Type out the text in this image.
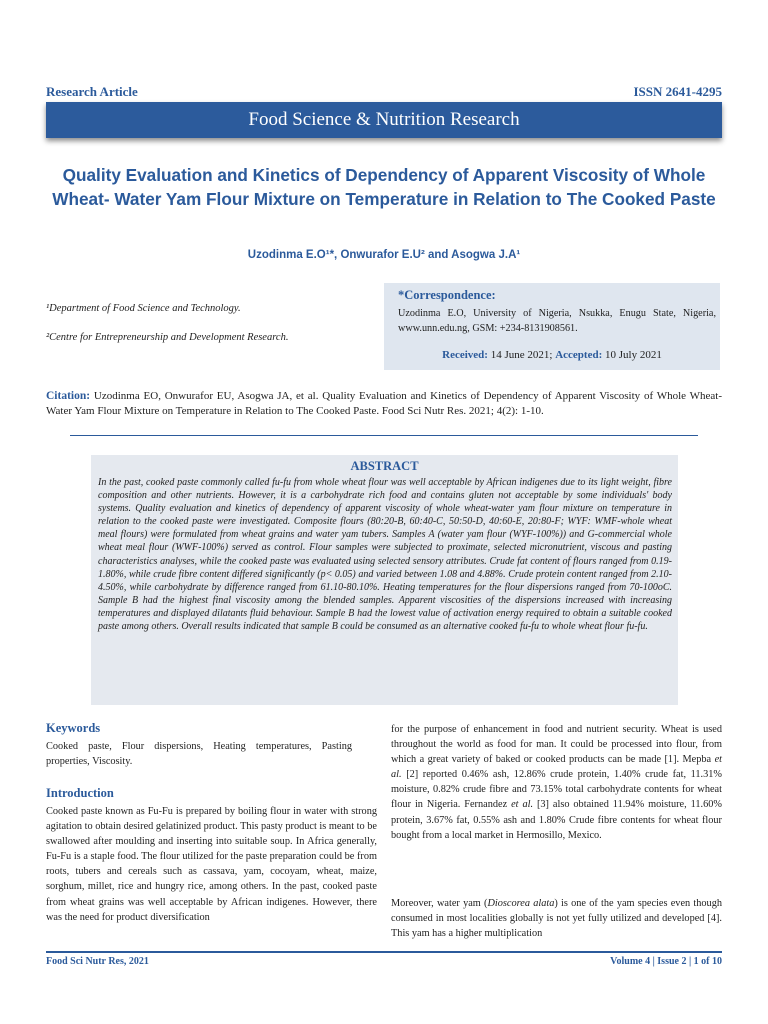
Research Article	ISSN 2641-4295
Food Science & Nutrition Research
Quality Evaluation and Kinetics of Dependency of Apparent Viscosity of Whole Wheat- Water Yam Flour Mixture on Temperature in Relation to The Cooked Paste
Uzodinma E.O¹*, Onwurafor E.U² and Asogwa J.A¹
¹Department of Food Science and Technology.
²Centre for Entrepreneurship and Development Research.
*Correspondence:
Uzodinma E.O, University of Nigeria, Nsukka, Enugu State, Nigeria, www.unn.edu.ng, GSM: +234-8131908561.
Received: 14 June 2021; Accepted: 10 July 2021
Citation: Uzodinma EO, Onwurafor EU, Asogwa JA, et al. Quality Evaluation and Kinetics of Dependency of Apparent Viscosity of Whole Wheat- Water Yam Flour Mixture on Temperature in Relation to The Cooked Paste. Food Sci Nutr Res. 2021; 4(2): 1-10.
ABSTRACT
In the past, cooked paste commonly called fu-fu from whole wheat flour was well acceptable by African indigenes due to its light weight, fibre composition and other nutrients. However, it is a carbohydrate rich food and contains gluten not acceptable by some individuals' body systems. Quality evaluation and kinetics of dependency of apparent viscosity of whole wheat-water yam flour mixture on temperature in relation to the cooked paste were investigated. Composite flours (80:20-B, 60:40-C, 50:50-D, 40:60-E, 20:80-F; WYF: WMF-whole wheat meal flours) were formulated from wheat grains and water yam tubers. Samples A (water yam flour (WYF-100%)) and G-commercial whole wheat meal flour (WWF-100%) served as control. Flour samples were subjected to proximate, selected micronutrient, viscous and pasting characteristics analyses, while the cooked paste was evaluated using selected sensory attributes. Crude fat content of flours ranged from 0.19-1.80%, while crude fibre content differed significantly (p< 0.05) and varied between 1.08 and 4.88%. Crude protein content ranged from 2.10-4.50%, while carbohydrate by difference ranged from 61.10-80.10%. Heating temperatures for the flour dispersions ranged from 70-100oC. Sample B had the highest final viscosity among the blended samples. Apparent viscosities of the dispersions increased with increasing temperatures and displayed dilatants fluid behaviour. Sample B had the lowest value of activation energy required to obtain a suitable cooked paste among others. Overall results indicated that sample B could be consumed as an alternative cooked fu-fu to whole wheat flour fu-fu.
Keywords
Cooked paste, Flour dispersions, Heating temperatures, Pasting properties, Viscosity.
Introduction
Cooked paste known as Fu-Fu is prepared by boiling flour in water with strong agitation to obtain desired gelatinized product. This pasty product is meant to be swallowed after moulding and inserting into suitable soup. In Africa generally, Fu-Fu is a staple food. The flour utilized for the paste preparation could be from roots, tubers and cereals such as cassava, yam, cocoyam, wheat, maize, sorghum, millet, rice and hungry rice, among others. In the past, cooked paste from wheat grains was well acceptable by African indigenes. However, there was the need for product diversification
for the purpose of enhancement in food and nutrient security. Wheat is used throughout the world as food for man. It could be processed into flour, from which a great variety of baked or cooked products can be made [1]. Mepba et al. [2] reported 0.46% ash, 12.86% crude protein, 1.40% crude fat, 11.31% moisture, 0.82% crude fibre and 73.15% total carbohydrate contents for wheat flour in Nigeria. Fernandez et al. [3] also obtained 11.94% moisture, 11.60% protein, 3.67% fat, 0.55% ash and 1.80% Crude fibre contents for wheat flour bought from a local market in Hermosillo, Mexico.
Moreover, water yam (Dioscorea alata) is one of the yam species even though consumed in most localities globally is not yet fully utilized and developed [4]. This yam has a higher multiplication
Food Sci Nutr Res, 2021	Volume 4 | Issue 2 | 1 of 10
